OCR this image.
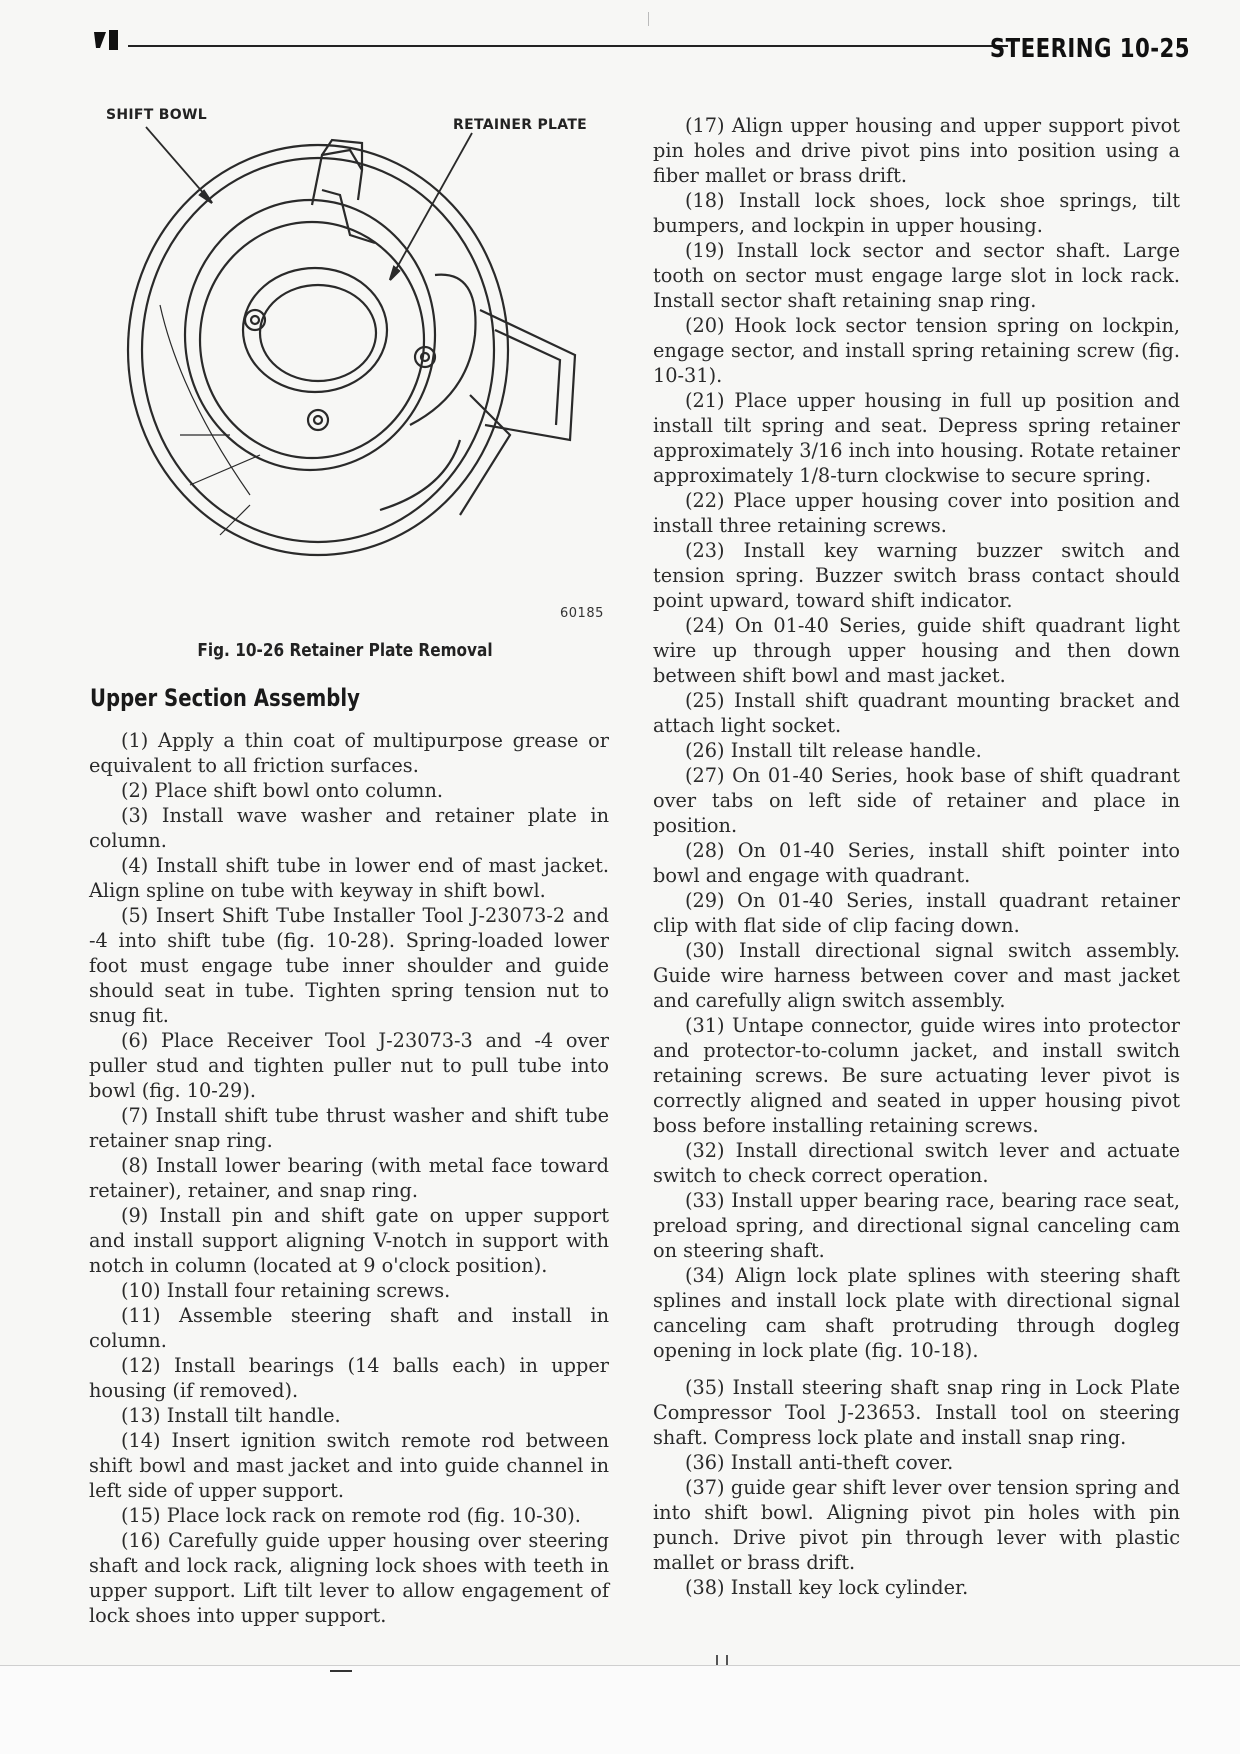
STEERING 10-25
SHIFT BOWL
RETAINER PLATE
60185
Fig. 10-26 Retainer Plate Removal
Upper Section Assembly

(1) Apply a thin coat of multipurpose grease or equivalent to all friction surfaces.

(2) Place shift bowl onto column.

(3) Install wave washer and retainer plate in column.

(4) Install shift tube in lower end of mast jacket. Align spline on tube with keyway in shift bowl.

(5) Insert Shift Tube Installer Tool J-23073-2 and -4 into shift tube (fig. 10-28). Spring-loaded lower foot must engage tube inner shoulder and guide should seat in tube. Tighten spring tension nut to snug fit.

(6) Place Receiver Tool J-23073-3 and -4 over puller stud and tighten puller nut to pull tube into bowl (fig. 10-29).

(7) Install shift tube thrust washer and shift tube retainer snap ring.

(8) Install lower bearing (with metal face toward retainer), retainer, and snap ring.

(9) Install pin and shift gate on upper support and install support aligning V-notch in support with notch in column (located at 9 o'clock position).

(10) Install four retaining screws.

(11) Assemble steering shaft and install in column.

(12) Install bearings (14 balls each) in upper housing (if removed).

(13) Install tilt handle.

(14) Insert ignition switch remote rod between shift bowl and mast jacket and into guide channel in left side of upper support.

(15) Place lock rack on remote rod (fig. 10-30).

(16) Carefully guide upper housing over steering shaft and lock rack, aligning lock shoes with teeth in upper support. Lift tilt lever to allow engagement of lock shoes into upper support.

(17) Align upper housing and upper support pivot pin holes and drive pivot pins into position using a fiber mallet or brass drift.

(18) Install lock shoes, lock shoe springs, tilt bumpers, and lockpin in upper housing.

(19) Install lock sector and sector shaft. Large tooth on sector must engage large slot in lock rack. Install sector shaft retaining snap ring.

(20) Hook lock sector tension spring on lockpin, engage sector, and install spring retaining screw (fig. 10-31).

(21) Place upper housing in full up position and install tilt spring and seat. Depress spring retainer approximately 3/16 inch into housing. Rotate retainer approximately 1/8-turn clockwise to secure spring.

(22) Place upper housing cover into position and install three retaining screws.

(23) Install key warning buzzer switch and tension spring. Buzzer switch brass contact should point upward, toward shift indicator.

(24) On 01-40 Series, guide shift quadrant light wire up through upper housing and then down between shift bowl and mast jacket.

(25) Install shift quadrant mounting bracket and attach light socket.

(26) Install tilt release handle.

(27) On 01-40 Series, hook base of shift quadrant over tabs on left side of retainer and place in position.

(28) On 01-40 Series, install shift pointer into bowl and engage with quadrant.

(29) On 01-40 Series, install quadrant retainer clip with flat side of clip facing down.

(30) Install directional signal switch assembly. Guide wire harness between cover and mast jacket and carefully align switch assembly.

(31) Untape connector, guide wires into protector and protector-to-column jacket, and install switch retaining screws. Be sure actuating lever pivot is correctly aligned and seated in upper housing pivot boss before installing retaining screws.

(32) Install directional switch lever and actuate switch to check correct operation.

(33) Install upper bearing race, bearing race seat, preload spring, and directional signal canceling cam on steering shaft.

(34) Align lock plate splines with steering shaft splines and install lock plate with directional signal canceling cam shaft protruding through dogleg opening in lock plate (fig. 10-18).

(35) Install steering shaft snap ring in Lock Plate Compressor Tool J-23653. Install tool on steering shaft. Compress lock plate and install snap ring.

(36) Install anti-theft cover.

(37) guide gear shift lever over tension spring and into shift bowl. Aligning pivot pin holes with pin punch. Drive pivot pin through lever with plastic mallet or brass drift.

(38) Install key lock cylinder.
